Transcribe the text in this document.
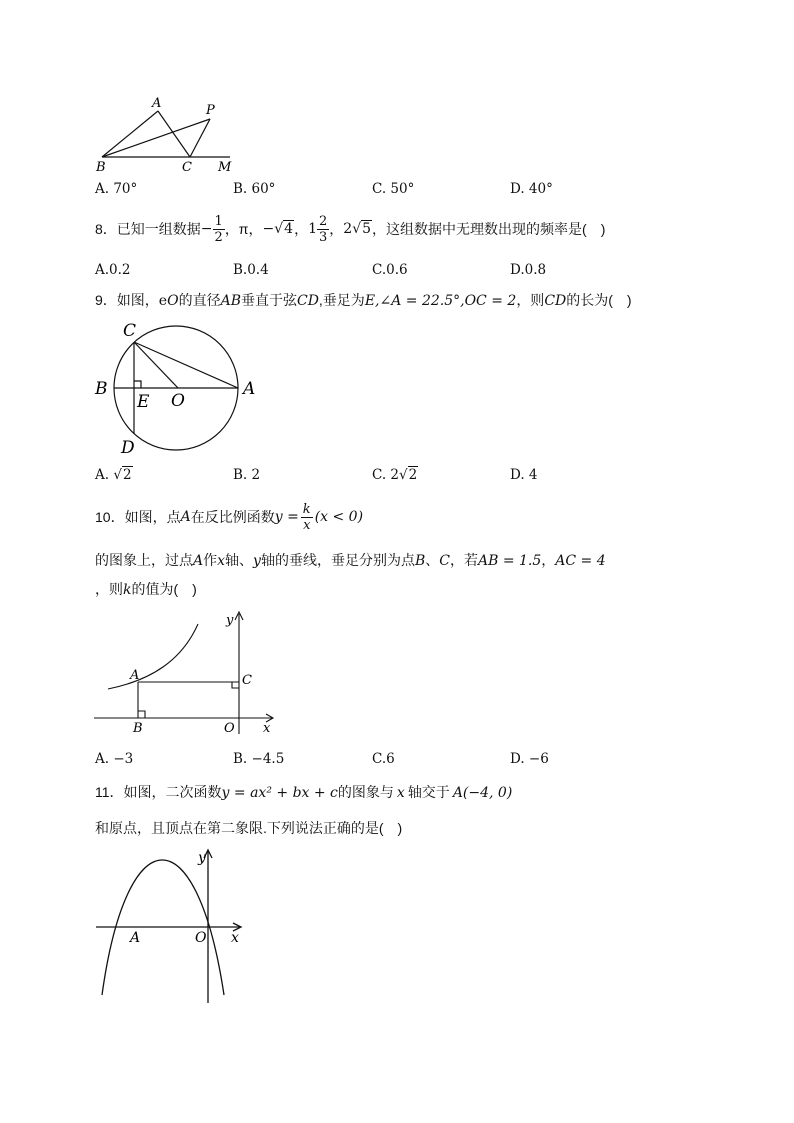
A	P
B	C M
A. 70°	B. 60°	C. 50°	D. 40°
8． 已知一组数据 − $\frac{1}{2}$ ，π， − √4 ， $1 \frac{2}{3}$ ， 2 √5 ，这组数据中无理数出现的频率是(　)
A.0.2	B.0.4	C.0.6	D.0.8
9．如图，eO的直径AB垂直于弦CD,垂足为E,∠A = 22.5°,OC = 2，则CD的长为(　)
C
B
E O
A
D
A. √2	B. 2	C. 2√2	D. 4
10． 如图，点 A 在反比例函数 $y = \frac{k}{x} (x < 0)$
的图象上，过点A作x轴、y轴的垂线，垂足分别为点B、C，若AB = 1.5，AC = 4
，则k的值为(　)
y
A	C
B	O x
A. −3	B. −4.5	C.6	D. −6
11．如图，二次函数y = ax² + bx + c的图象与 x 轴交于 A(−4, 0)
和原点，且顶点在第二象限.下列说法正确的是(　)
y
A	O x
